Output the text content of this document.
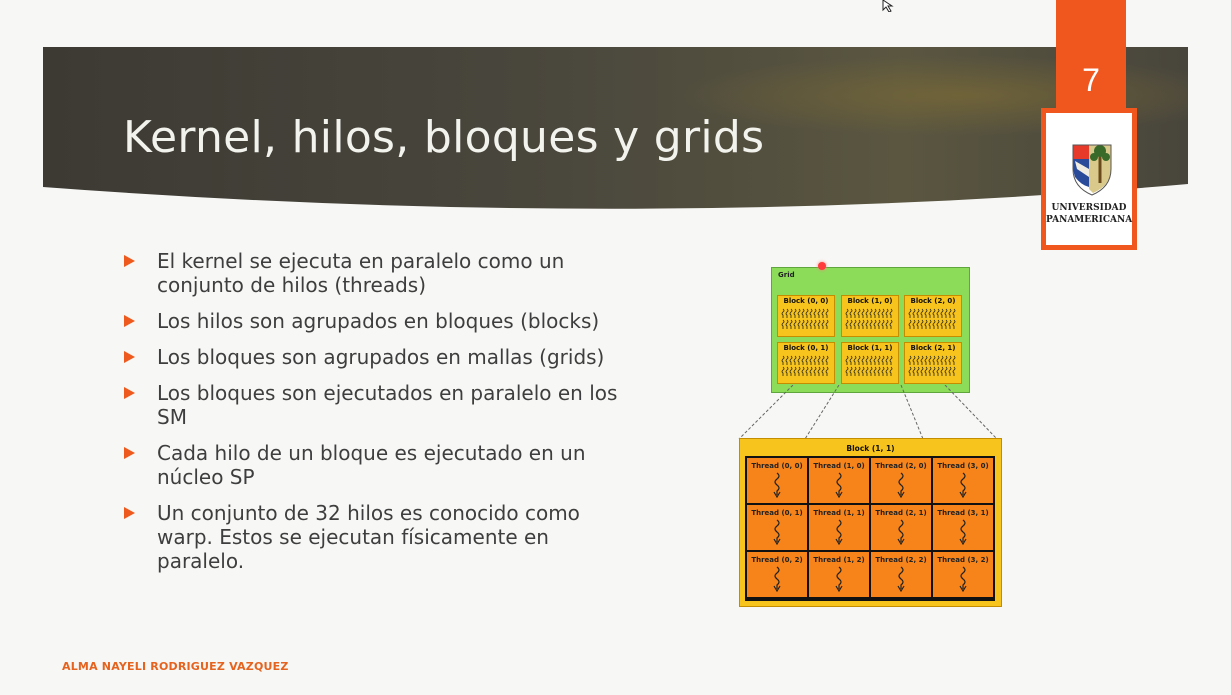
Kernel, hilos, bloques y grids
7
UNIVERSIDAD
PANAMERICANA
El kernel se ejecuta en paralelo como un conjunto de hilos (threads)
Los hilos son agrupados en bloques (blocks)
Los bloques son agrupados en mallas (grids)
Los bloques son ejecutados en paralelo en los SM
Cada hilo de un bloque es ejecutado en un núcleo SP
Un conjunto de 32 hilos es conocido como warp. Estos se ejecutan físicamente en paralelo.
Grid
Block (0, 0)	Block (1, 0)	Block (2, 0)
Block (0, 1)	Block (1, 1)	Block (2, 1)
Block (1, 1)
Thread (0, 0)	Thread (1, 0)	Thread (2, 0)	Thread (3, 0)
Thread (0, 1)	Thread (1, 1)	Thread (2, 1)	Thread (3, 1)
Thread (0, 2)	Thread (1, 2)	Thread (2, 2)	Thread (3, 2)
ALMA NAYELI RODRIGUEZ VAZQUEZ
